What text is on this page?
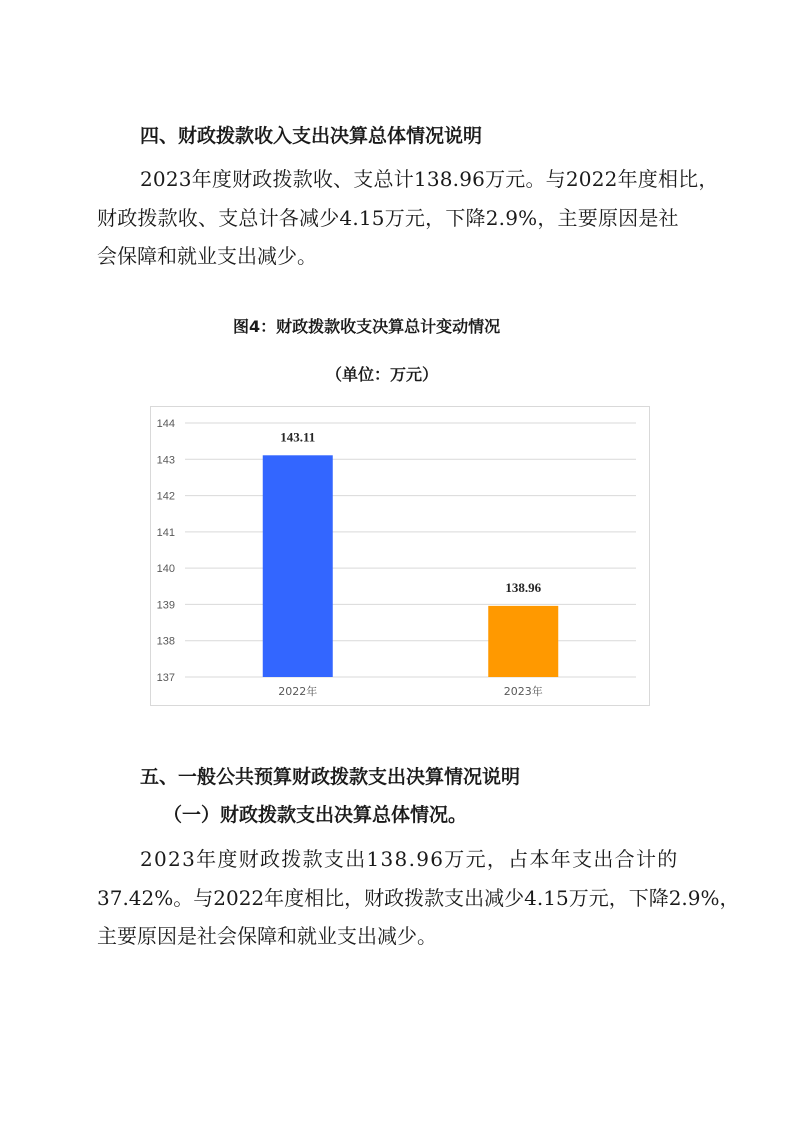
四、财政拨款收入支出决算总体情况说明
2023年度财政拨款收、支总计138.96万元。与2022年度相比，
财政拨款收、支总计各减少4.15万元，下降2.9%，主要原因是社
会保障和就业支出减少。
图4：财政拨款收支决算总计变动情况
（单位：万元）
137
138
139
140
141
142
143
144
143.11
2022年
138.96
2023年
五、一般公共预算财政拨款支出决算情况说明
（一）财政拨款支出决算总体情况。
2023年度财政拨款支出138.96万元，占本年支出合计的
37.42%。与2022年度相比，财政拨款支出减少4.15万元，下降2.9%，
主要原因是社会保障和就业支出减少。
